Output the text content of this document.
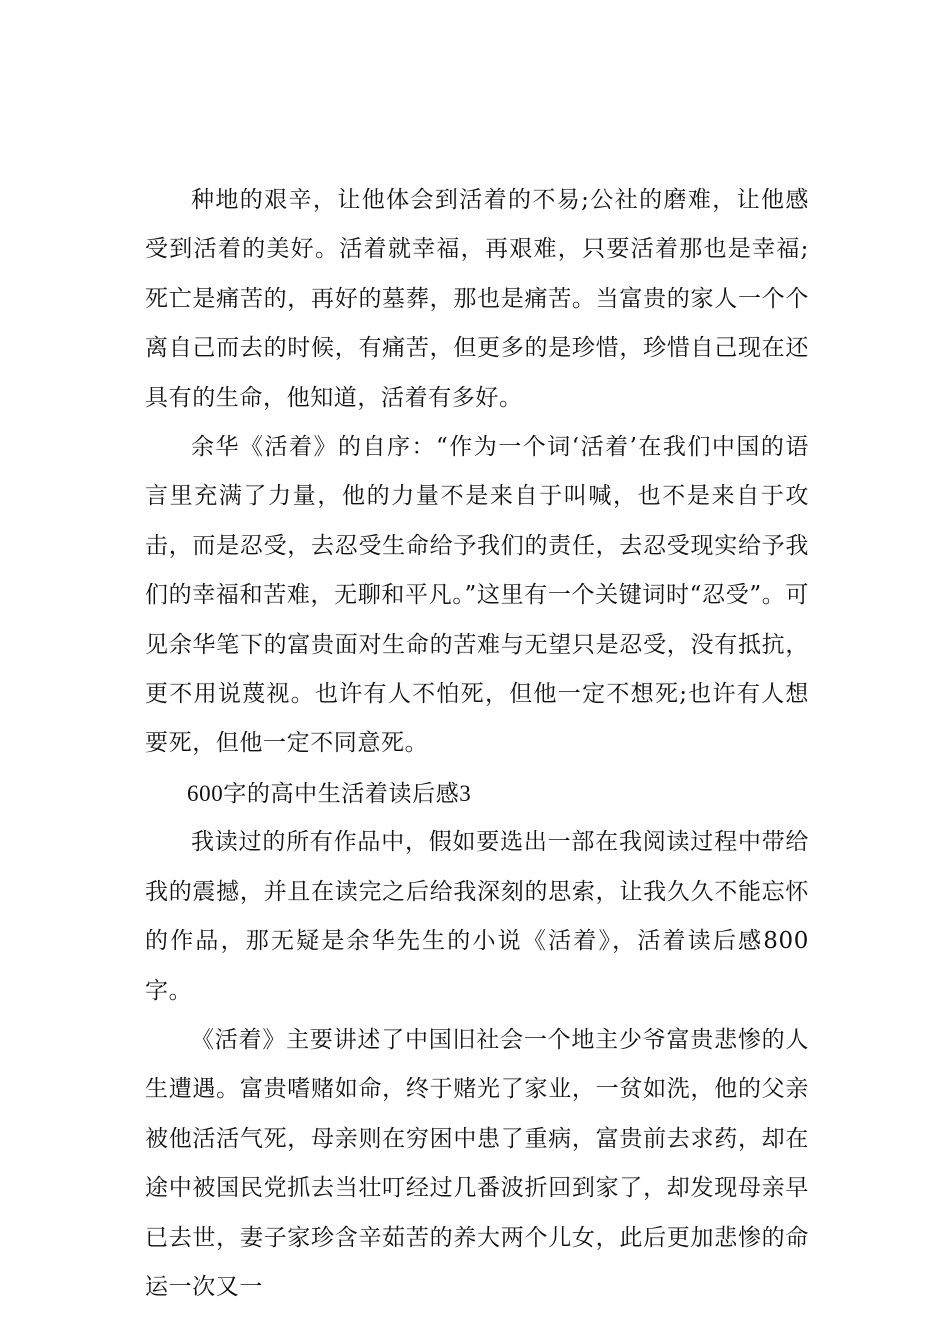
种地的艰辛，让他体会到活着的不易;公社的磨难，让他感受到活着的美好。活着就幸福，再艰难，只要活着那也是幸福;死亡是痛苦的，再好的墓葬，那也是痛苦。当富贵的家人一个个离自己而去的时候，有痛苦，但更多的是珍惜，珍惜自己现在还具有的生命，他知道，活着有多好。

余华《活着》的自序：“作为一个词‘活着’在我们中国的语言里充满了力量，他的力量不是来自于叫喊，也不是来自于攻击，而是忍受，去忍受生命给予我们的责任，去忍受现实给予我们的幸福和苦难，无聊和平凡。”这里有一个关键词时“忍受”。可见余华笔下的富贵面对生命的苦难与无望只是忍受，没有抵抗，更不用说蔑视。也许有人不怕死，但他一定不想死;也许有人想要死，但他一定不同意死。

600字的高中生活着读后感3

我读过的所有作品中，假如要选出一部在我阅读过程中带给我的震撼，并且在读完之后给我深刻的思索，让我久久不能忘怀的作品，那无疑是余华先生的小说《活着》，活着读后感800字。

《活着》主要讲述了中国旧社会一个地主少爷富贵悲惨的人生遭遇。富贵嗜赌如命，终于赌光了家业，一贫如洗，他的父亲被他活活气死，母亲则在穷困中患了重病，富贵前去求药，却在途中被国民党抓去当壮叮经过几番波折回到家了，却发现母亲早已去世，妻子家珍含辛茹苦的养大两个儿女，此后更加悲惨的命运一次又一
